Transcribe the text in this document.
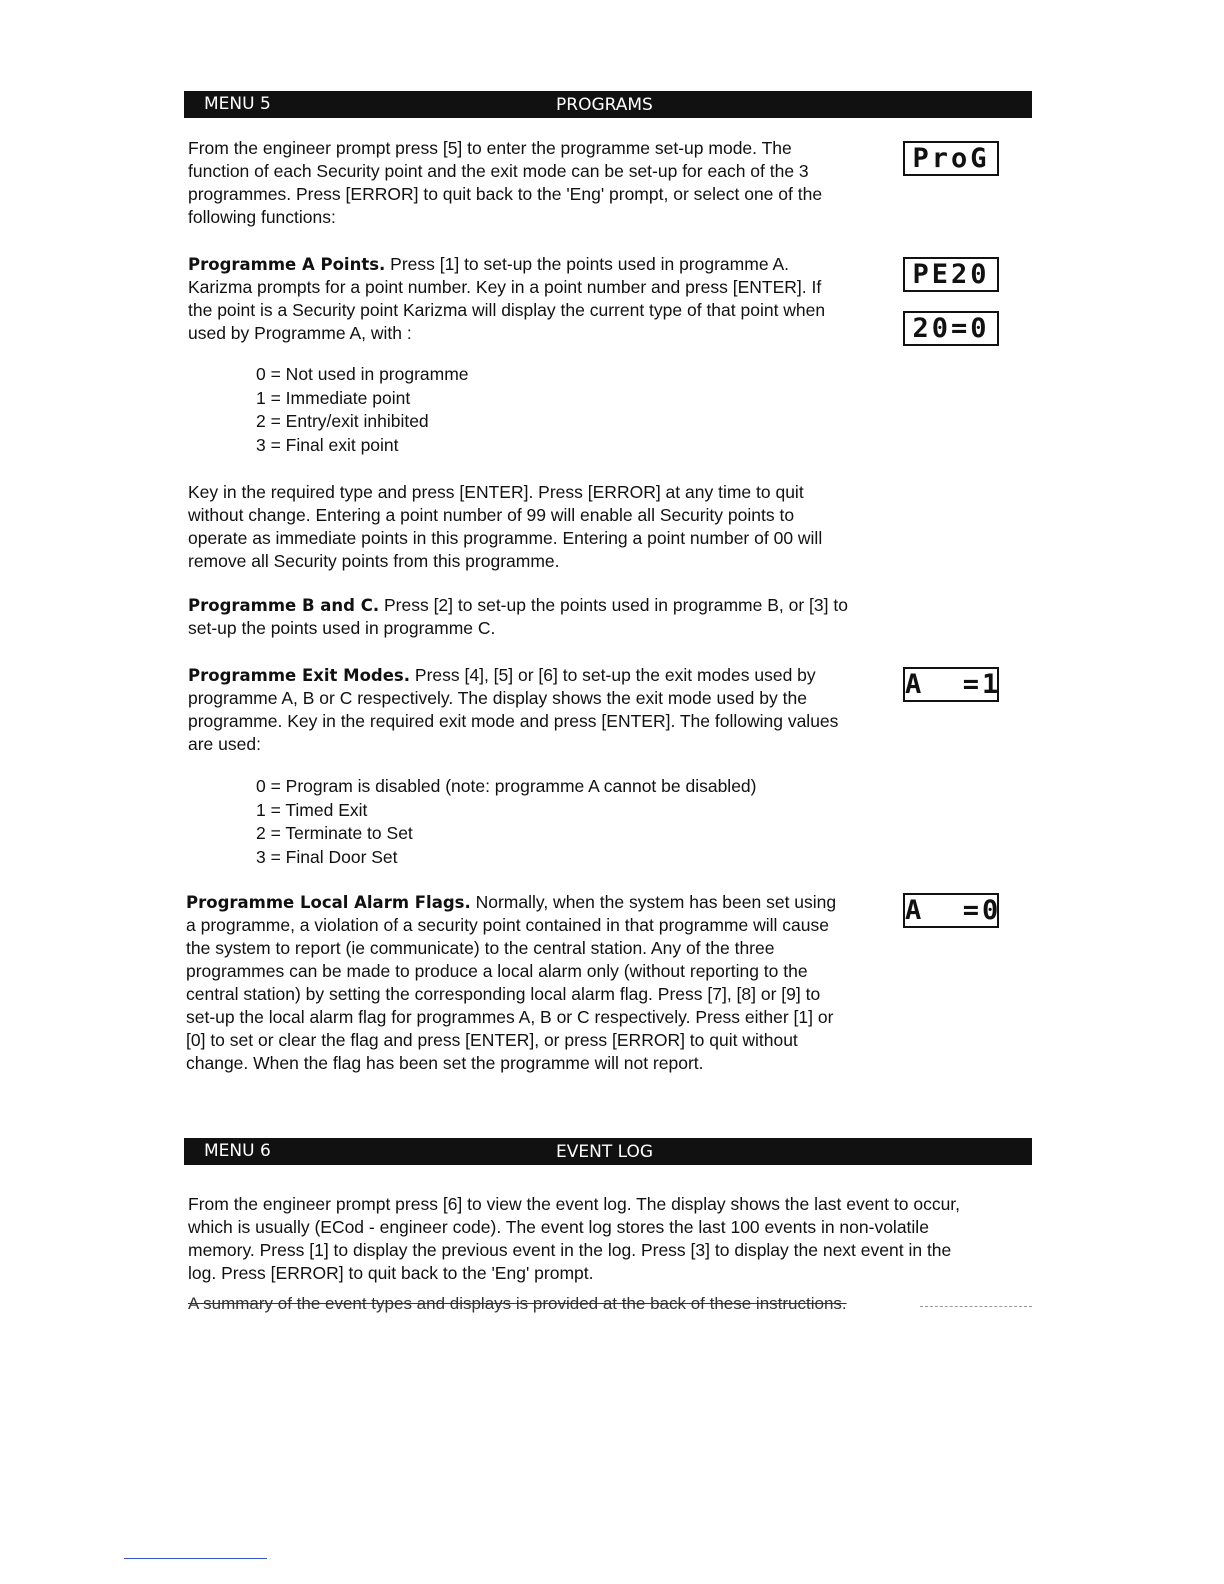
MENU 5	PROGRAMS

From the engineer prompt press [5] to enter the programme set-up mode. The function of each Security point and the exit mode can be set-up for each of the 3 programmes. Press [ERROR] to quit back to the 'Eng' prompt, or select one of the following functions:

Programme A Points. Press [1] to set-up the points used in programme A. Karizma prompts for a point number. Key in a point number and press [ENTER]. If the point is a Security point Karizma will display the current type of that point when used by Programme A, with :

0 = Not used in programme
1 = Immediate point
2 = Entry/exit inhibited
3 = Final exit point

Key in the required type and press [ENTER]. Press [ERROR] at any time to quit without change. Entering a point number of 99 will enable all Security points to operate as immediate points in this programme. Entering a point number of 00 will remove all Security points from this programme.

Programme B and C. Press [2] to set-up the points used in programme B, or [3] to set-up the points used in programme C.

Programme Exit Modes. Press [4], [5] or [6] to set-up the exit modes used by programme A, B or C respectively. The display shows the exit mode used by the programme. Key in the required exit mode and press [ENTER]. The following values are used:

0 = Program is disabled (note: programme A cannot be disabled)
1 = Timed Exit
2 = Terminate to Set
3 = Final Door Set

Programme Local Alarm Flags. Normally, when the system has been set using a programme, a violation of a security point contained in that programme will cause the system to report (ie communicate) to the central station. Any of the three programmes can be made to produce a local alarm only (without reporting to the central station) by setting the corresponding local alarm flag. Press [7], [8] or [9] to set-up the local alarm flag for programmes A, B or C respectively. Press either [1] or [0] to set or clear the flag and press [ENTER], or press [ERROR] to quit without change. When the flag has been set the programme will not report.

PrоG
PE20
20=0
A  =1
A  =0
MENU 6	EVENT LOG

From the engineer prompt press [6] to view the event log. The display shows the last event to occur, which is usually (ECod - engineer code). The event log stores the last 100 events in non-volatile memory. Press [1] to display the previous event in the log. Press [3] to display the next event in the log. Press [ERROR] to quit back to the 'Eng' prompt.

A summary of the event types and displays is provided at the back of these instructions.
